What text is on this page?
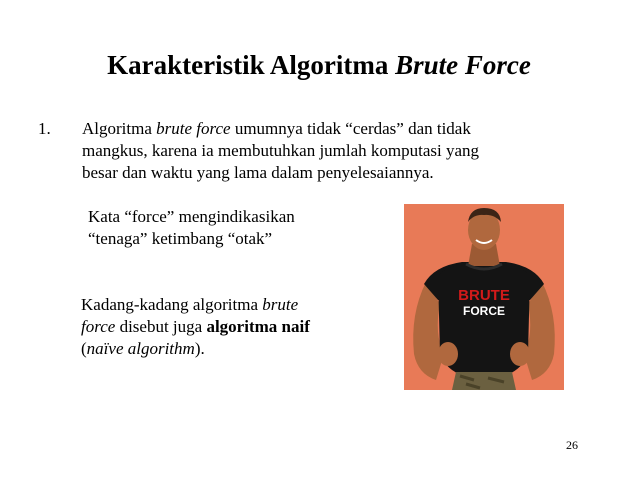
Karakteristik Algoritma Brute Force
1. Algoritma brute force umumnya tidak “cerdas” dan tidak
mangkus, karena ia membutuhkan jumlah komputasi yang
besar dan waktu yang lama dalam penyelesaiannya.
Kata “force” mengindikasikan
“tenaga” ketimbang “otak”
Kadang-kadang algoritma brute
force disebut juga algoritma naif
(naïve algorithm).
BRUTE
FORCE
26
